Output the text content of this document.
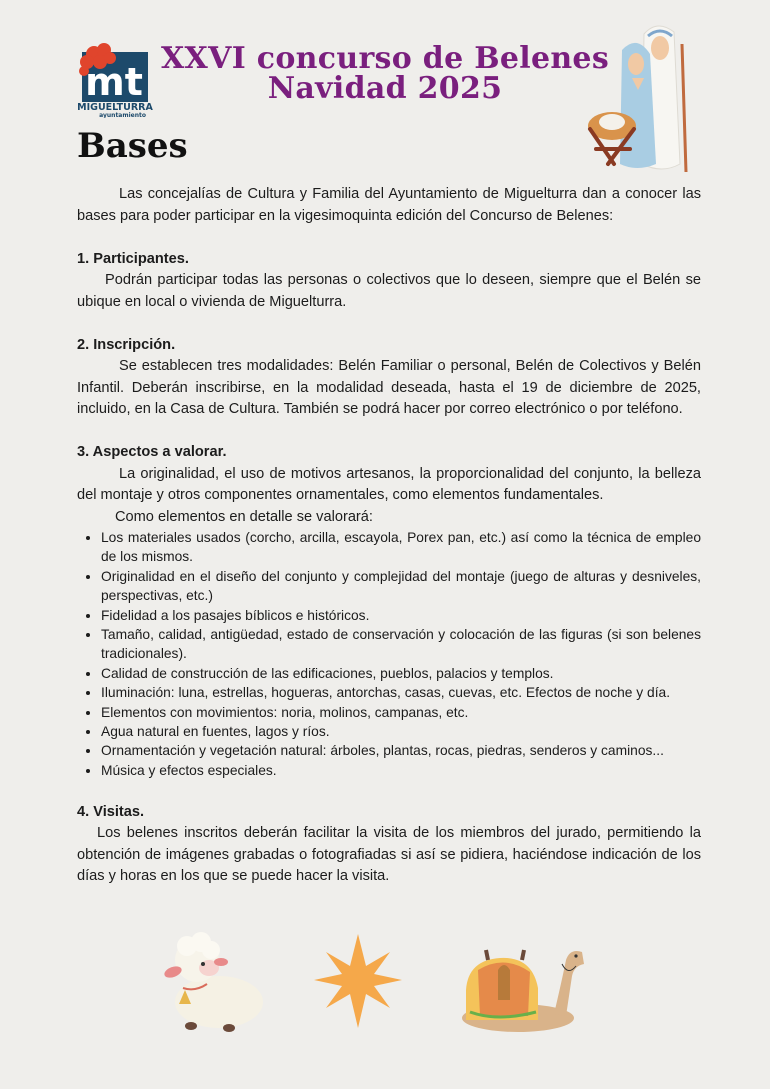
mt
MIGUELTURRA
ayuntamiento
XXVI concurso de Belenes
Navidad 2025
Bases

Las concejalías de Cultura y Familia del Ayuntamiento de Miguelturra dan a conocer las bases para poder participar en la vigesimoquinta edición del Concurso de Belenes:

1. Participantes.

Podrán participar todas las personas o colectivos que lo deseen, siempre que el Belén se ubique en local o vivienda de Miguelturra.

2. Inscripción.

Se establecen tres modalidades: Belén Familiar o personal, Belén de Colectivos y Belén Infantil. Deberán inscribirse, en la modalidad deseada, hasta el 19 de diciembre de 2025, incluido, en la Casa de Cultura. También se podrá hacer por correo electrónico o por teléfono.

3. Aspectos a valorar.

La originalidad, el uso de motivos artesanos, la proporcionalidad del conjunto, la belleza del montaje y otros componentes ornamentales, como elementos fundamentales.

Como elementos en detalle se valorará:

• Los materiales usados (corcho, arcilla, escayola, Porex pan, etc.) así como la técnica de empleo de los mismos.
• Originalidad en el diseño del conjunto y complejidad del montaje (juego de alturas y desniveles, perspectivas, etc.)
• Fidelidad a los pasajes bíblicos e históricos.
• Tamaño, calidad, antigüedad, estado de conservación y colocación de las figuras (si son belenes tradicionales).
• Calidad de construcción de las edificaciones, pueblos, palacios y templos.
• Iluminación: luna, estrellas, hogueras, antorchas, casas, cuevas, etc. Efectos de noche y día.
• Elementos con movimientos: noria, molinos, campanas, etc.
• Agua natural en fuentes, lagos y ríos.
• Ornamentación y vegetación natural: árboles, plantas, rocas, piedras, senderos y caminos...
• Música y efectos especiales.

4. Visitas.

Los belenes inscritos deberán facilitar la visita de los miembros del jurado, permitiendo la obtención de imágenes grabadas o fotografiadas si así se pidiera, haciéndose indicación de los días y horas en los que se puede hacer la visita.
